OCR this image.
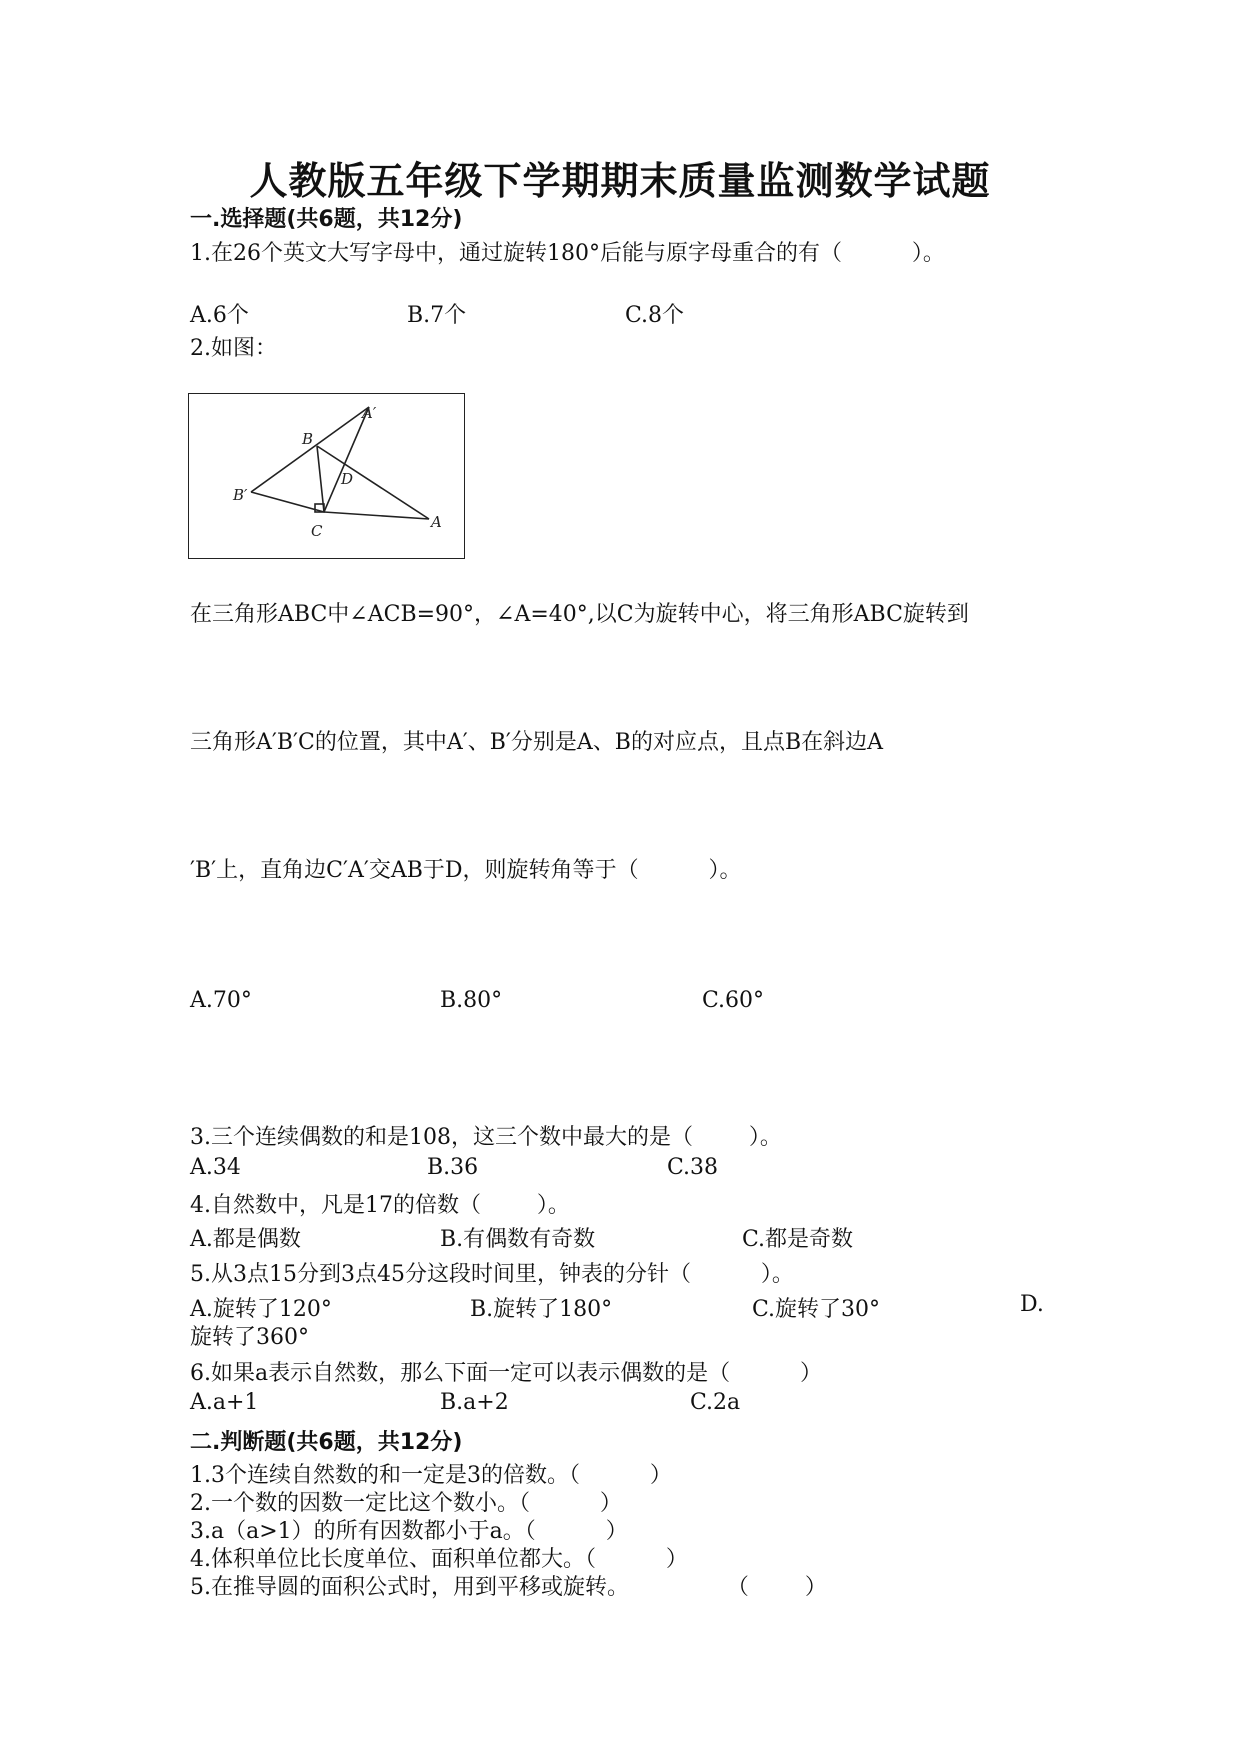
人教版五年级下学期期末质量监测数学试题
一.选择题(共6题，共12分)
1.在26个英文大写字母中，通过旋转180°后能与原字母重合的有（          ）。
A.6个	B.7个	C.8个
2.如图：
A′
B
D
B′
C	A
在三角形ABC中∠ACB=90°，∠A=40°,以C为旋转中心，将三角形ABC旋转到
三角形A′B′C的位置，其中A′、B′分别是A、B的对应点，且点B在斜边A
′B′上，直角边C′A′交AB于D，则旋转角等于（          ）。
A.70°	B.80°	C.60°
3.三个连续偶数的和是108，这三个数中最大的是（        ）。
A.34	B.36	C.38
4.自然数中，凡是17的倍数（        ）。
A.都是偶数	B.有偶数有奇数	C.都是奇数
5.从3点15分到3点45分这段时间里，钟表的分针（          ）。
A.旋转了120°	B.旋转了180°	C.旋转了30°	D.
旋转了360°
6.如果a表示自然数，那么下面一定可以表示偶数的是（          ）
A.a+1	B.a+2	C.2a
二.判断题(共6题，共12分)
1.3个连续自然数的和一定是3的倍数。（          ）
2.一个数的因数一定比这个数小。（          ）
3.a（a>1）的所有因数都小于a。（          ）
4.体积单位比长度单位、面积单位都大。（          ）
5.在推导圆的面积公式时，用到平移或旋转。              （        ）
